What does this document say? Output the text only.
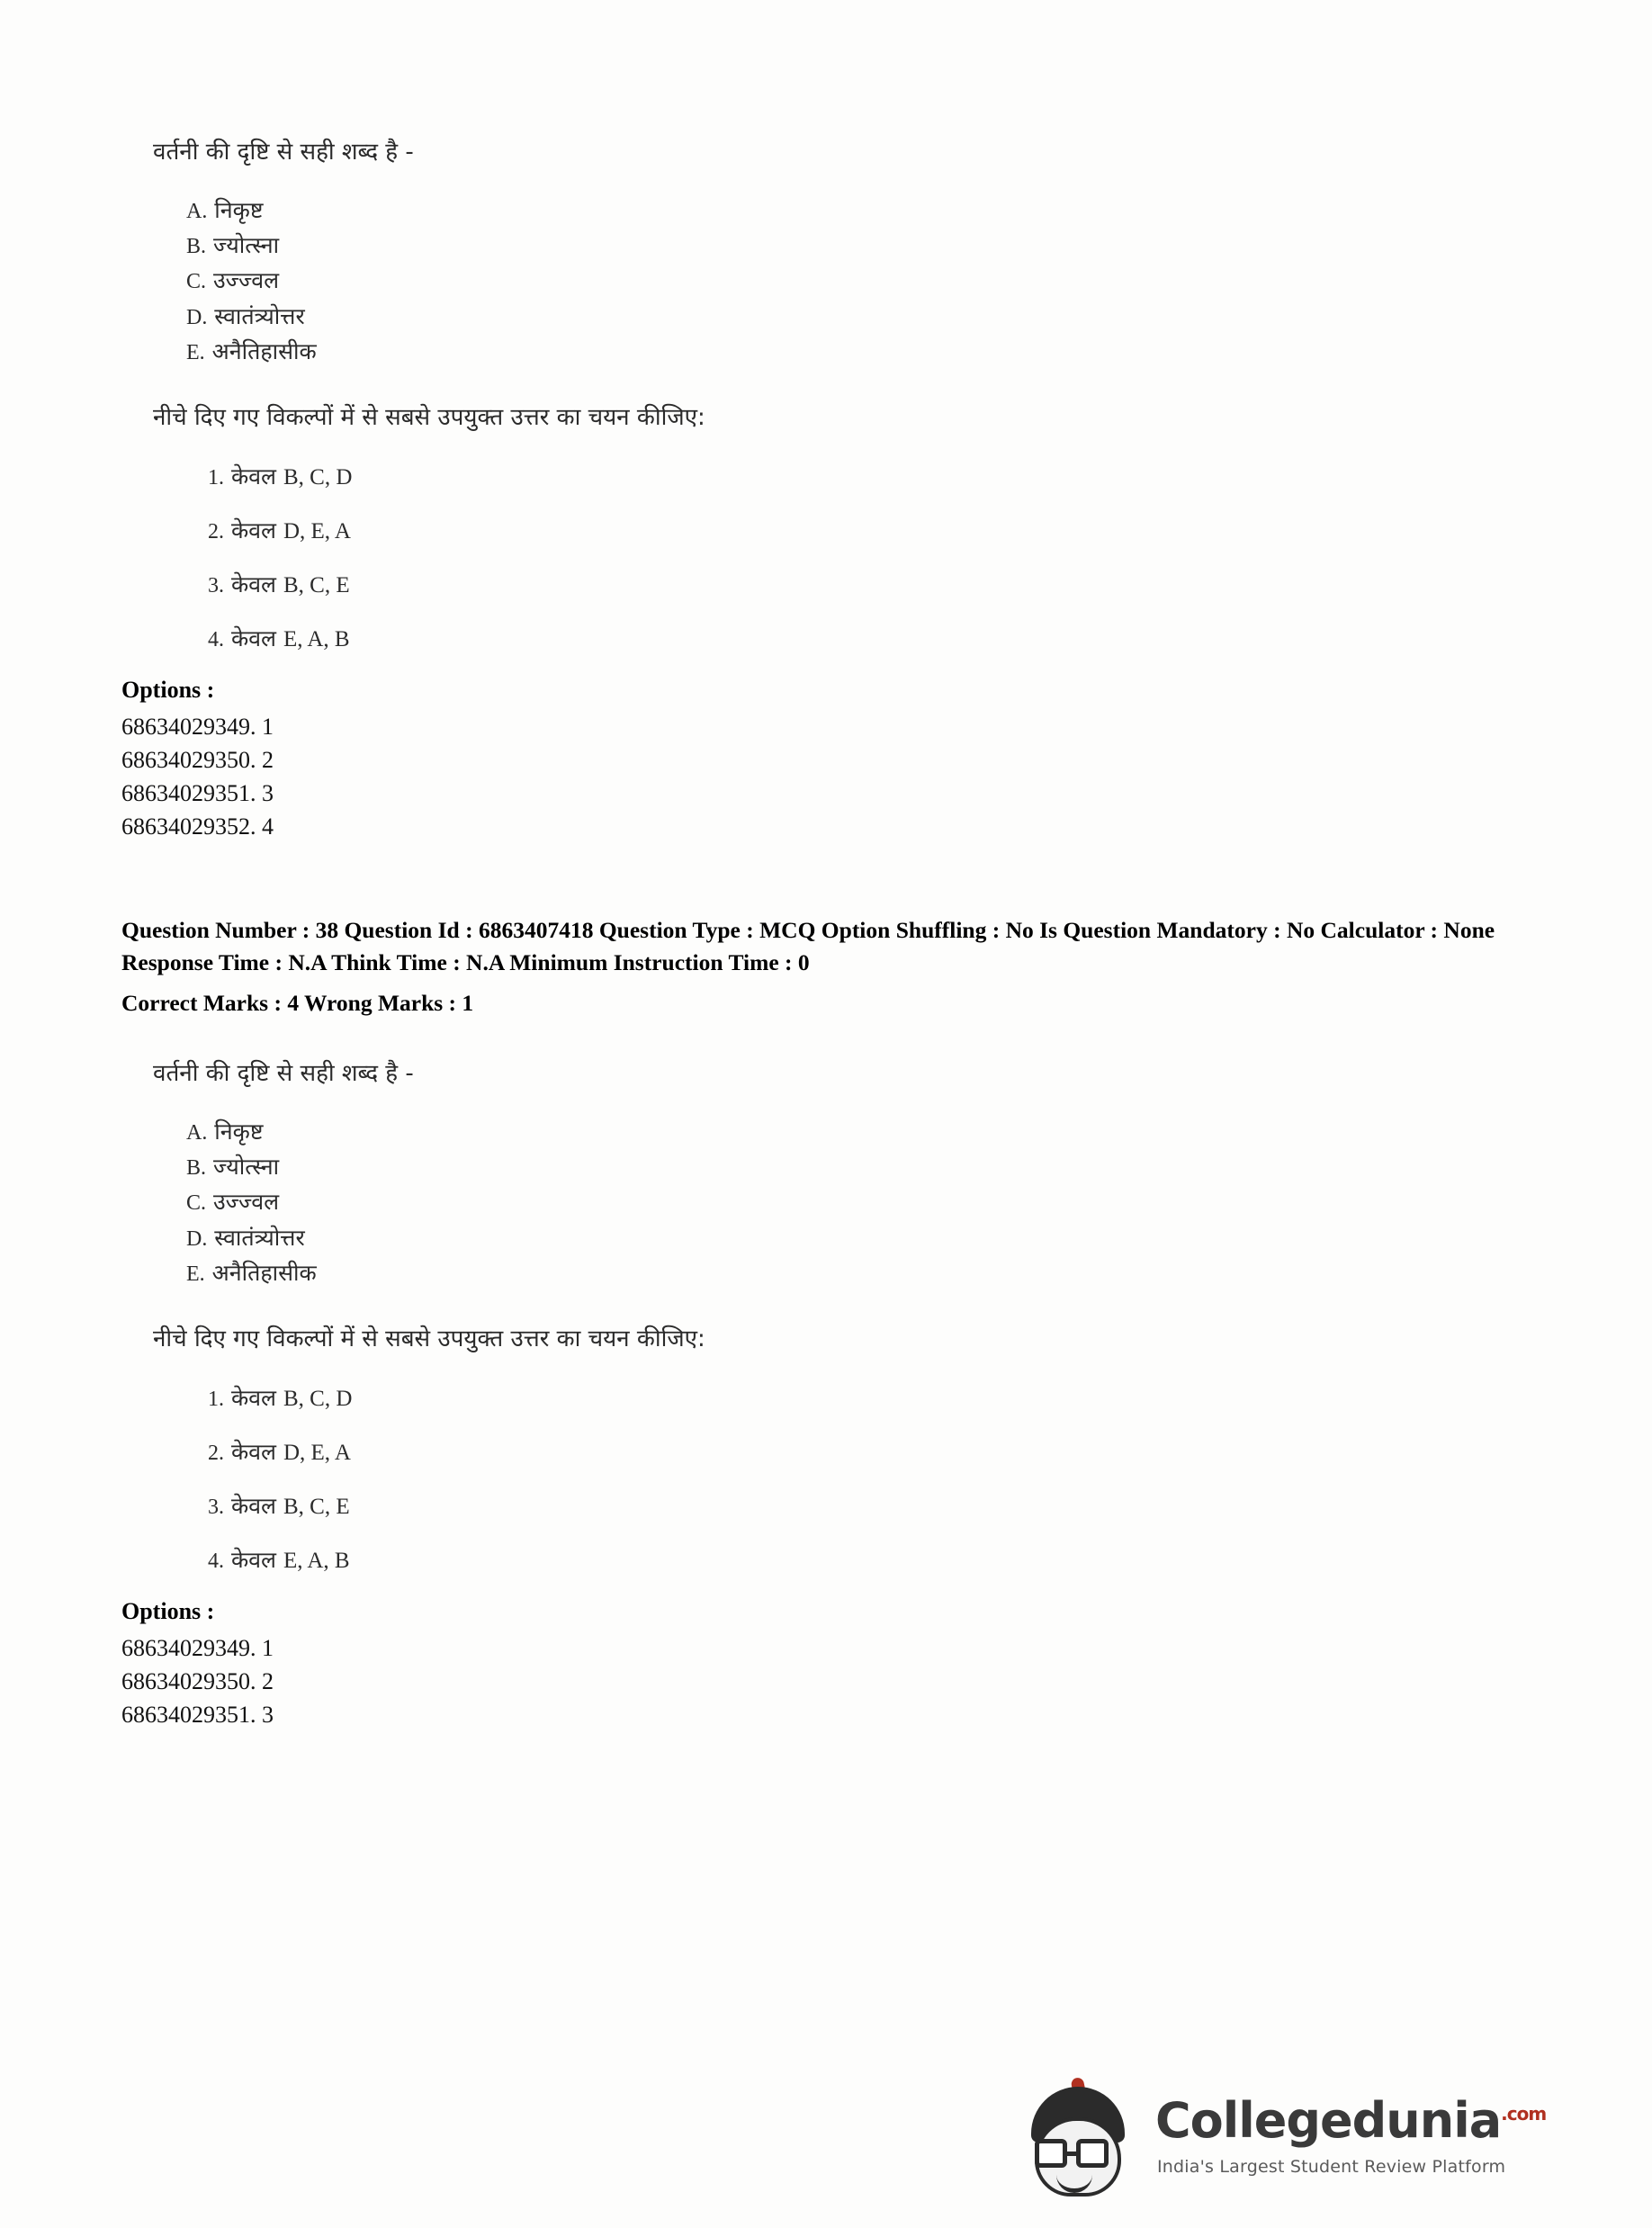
वर्तनी की दृष्टि से सही शब्द है -
A. निकृष्ट
B. ज्योत्स्ना
C. उज्ज्वल
D. स्वातंत्र्योत्तर
E. अनैतिहासीक
नीचे दिए गए विकल्पों में से सबसे उपयुक्त उत्तर का चयन कीजिए:
1. केवल B, C, D
2. केवल D, E, A
3. केवल B, C, E
4. केवल E, A, B
Options :
68634029349. 1
68634029350. 2
68634029351. 3
68634029352. 4
Question Number : 38 Question Id : 6863407418 Question Type : MCQ Option Shuffling : No Is Question Mandatory : No Calculator : None Response Time : N.A Think Time : N.A Minimum Instruction Time : 0
Correct Marks : 4 Wrong Marks : 1
वर्तनी की दृष्टि से सही शब्द है -
A. निकृष्ट
B. ज्योत्स्ना
C. उज्ज्वल
D. स्वातंत्र्योत्तर
E. अनैतिहासीक
नीचे दिए गए विकल्पों में से सबसे उपयुक्त उत्तर का चयन कीजिए:
1. केवल B, C, D
2. केवल D, E, A
3. केवल B, C, E
4. केवल E, A, B
Options :
68634029349. 1
68634029350. 2
68634029351. 3
Collegedunia$^{.com}$
India's Largest Student Review Platform
